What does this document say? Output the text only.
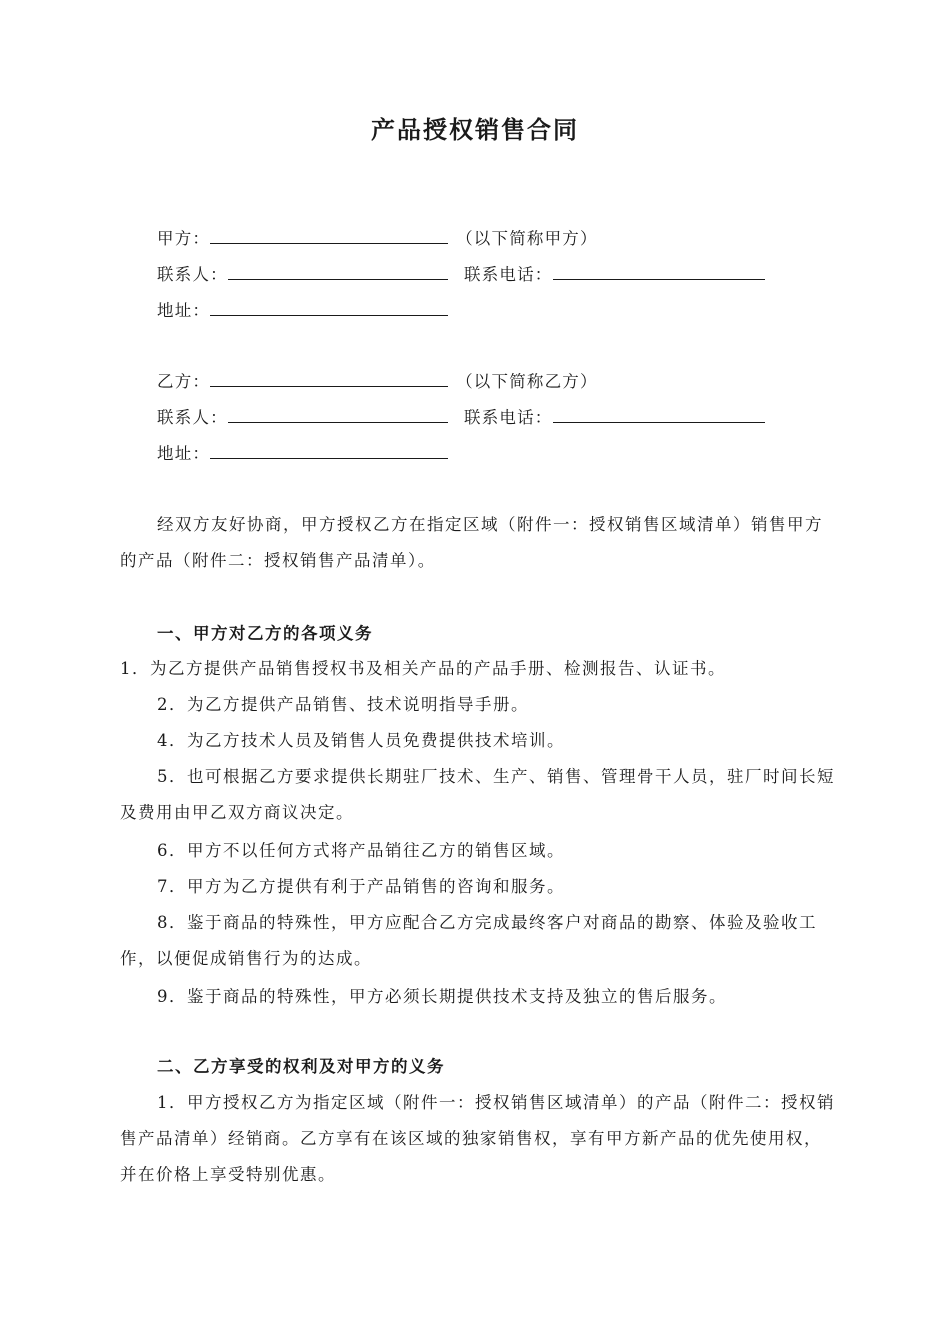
产品授权销售合同
甲方：	（以下简称甲方）
联系人：	联系电话：
地址：
乙方：	（以下简称乙方）
联系人：	联系电话：
地址：

经双方友好协商，甲方授权乙方在指定区域（附件一：授权销售区域清单）销售甲方的产品（附件二：授权销售产品清单）。

一、甲方对乙方的各项义务

1．为乙方提供产品销售授权书及相关产品的产品手册、检测报告、认证书。

2．为乙方提供产品销售、技术说明指导手册。

4．为乙方技术人员及销售人员免费提供技术培训。

5．也可根据乙方要求提供长期驻厂技术、生产、销售、管理骨干人员，驻厂时间长短及费用由甲乙双方商议决定。

6．甲方不以任何方式将产品销往乙方的销售区域。

7．甲方为乙方提供有利于产品销售的咨询和服务。

8．鉴于商品的特殊性，甲方应配合乙方完成最终客户对商品的勘察、体验及验收工作，以便促成销售行为的达成。

9．鉴于商品的特殊性，甲方必须长期提供技术支持及独立的售后服务。

二、乙方享受的权利及对甲方的义务

1．甲方授权乙方为指定区域（附件一：授权销售区域清单）的产品（附件二：授权销售产品清单）经销商。乙方享有在该区域的独家销售权，享有甲方新产品的优先使用权，并在价格上享受特别优惠。
